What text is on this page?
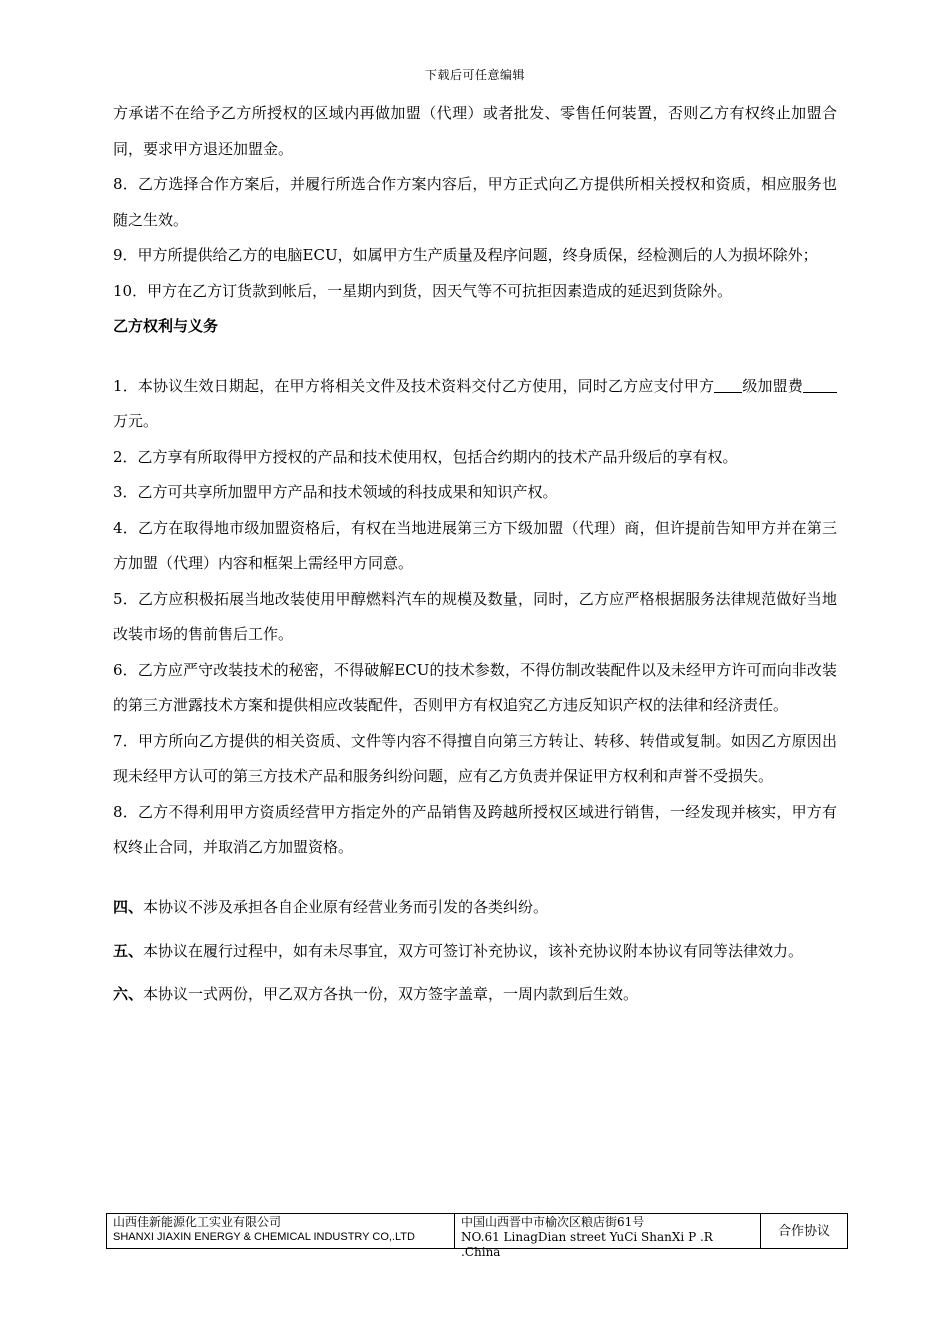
下载后可任意编辑

方承诺不在给予乙方所授权的区域内再做加盟（代理）或者批发、零售任何装置，否则乙方有权终止加盟合同，要求甲方退还加盟金。

8．乙方选择合作方案后，并履行所选合作方案内容后，甲方正式向乙方提供所相关授权和资质，相应服务也随之生效。

9．甲方所提供给乙方的电脑ECU，如属甲方生产质量及程序问题，终身质保，经检测后的人为损坏除外；

10．甲方在乙方订货款到帐后，一星期内到货，因天气等不可抗拒因素造成的延迟到货除外。

乙方权利与义务

1．本协议生效日期起，在甲方将相关文件及技术资料交付乙方使用，同时乙方应支付甲方 级加盟费万元。

2．乙方享有所取得甲方授权的产品和技术使用权，包括合约期内的技术产品升级后的享有权。

3．乙方可共享所加盟甲方产品和技术领域的科技成果和知识产权。

4．乙方在取得地市级加盟资格后，有权在当地进展第三方下级加盟（代理）商，但许提前告知甲方并在第三方加盟（代理）内容和框架上需经甲方同意。

5．乙方应积极拓展当地改装使用甲醇燃料汽车的规模及数量，同时，乙方应严格根据服务法律规范做好当地改装市场的售前售后工作。

6．乙方应严守改装技术的秘密，不得破解ECU的技术参数，不得仿制改装配件以及未经甲方许可而向非改装的第三方泄露技术方案和提供相应改装配件，否则甲方有权追究乙方违反知识产权的法律和经济责任。

7．甲方所向乙方提供的相关资质、文件等内容不得擅自向第三方转让、转移、转借或复制。如因乙方原因出现未经甲方认可的第三方技术产品和服务纠纷问题，应有乙方负责并保证甲方权利和声誉不受损失。

8．乙方不得利用甲方资质经营甲方指定外的产品销售及跨越所授权区域进行销售，一经发现并核实，甲方有权终止合同，并取消乙方加盟资格。

四、本协议不涉及承担各自企业原有经营业务而引发的各类纠纷。

五、本协议在履行过程中，如有未尽事宜，双方可签订补充协议，该补充协议附本协议有同等法律效力。

六、本协议一式两份，甲乙双方各执一份，双方签字盖章，一周内款到后生效。

山西佳新能源化工实业有限公司
SHANXI JIAXIN ENERGY & CHEMICAL INDUSTRY CO,.LTD
中国山西晋中市榆次区粮店街61号
NO.61 LinagDian street YuCi ShanXi P .R .China
合作协议
